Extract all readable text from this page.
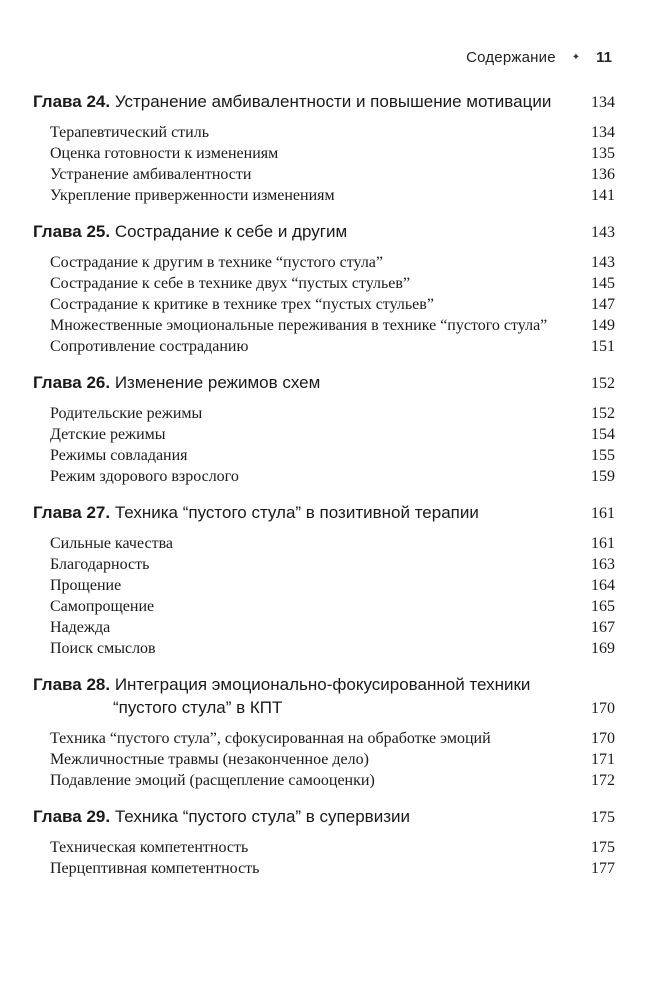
Содержание ✦ 11
Глава 24. Устранение амбивалентности и повышение мотивации	134
Терапевтический стиль	134
Оценка готовности к изменениям	135
Устранение амбивалентности	136
Укрепление приверженности изменениям	141
Глава 25. Сострадание к себе и другим	143
Сострадание к другим в технике “пустого стула”	143
Сострадание к себе в технике двух “пустых стульев”	145
Сострадание к критике в технике трех “пустых стульев”	147
Множественные эмоциональные переживания в технике “пустого стула”	149
Сопротивление состраданию	151
Глава 26. Изменение режимов схем	152
Родительские режимы	152
Детские режимы	154
Режимы совладания	155
Режим здорового взрослого	159
Глава 27. Техника “пустого стула” в позитивной терапии	161
Сильные качества	161
Благодарность	163
Прощение	164
Самопрощение	165
Надежда	167
Поиск смыслов	169
Глава 28. Интеграция эмоционально-фокусированной техники “пустого стула” в КПТ	170
Техника “пустого стула”, сфокусированная на обработке эмоций	170
Межличностные травмы (незаконченное дело)	171
Подавление эмоций (расщепление самооценки)	172
Глава 29. Техника “пустого стула” в супервизии	175
Техническая компетентность	175
Перцептивная компетентность	177
